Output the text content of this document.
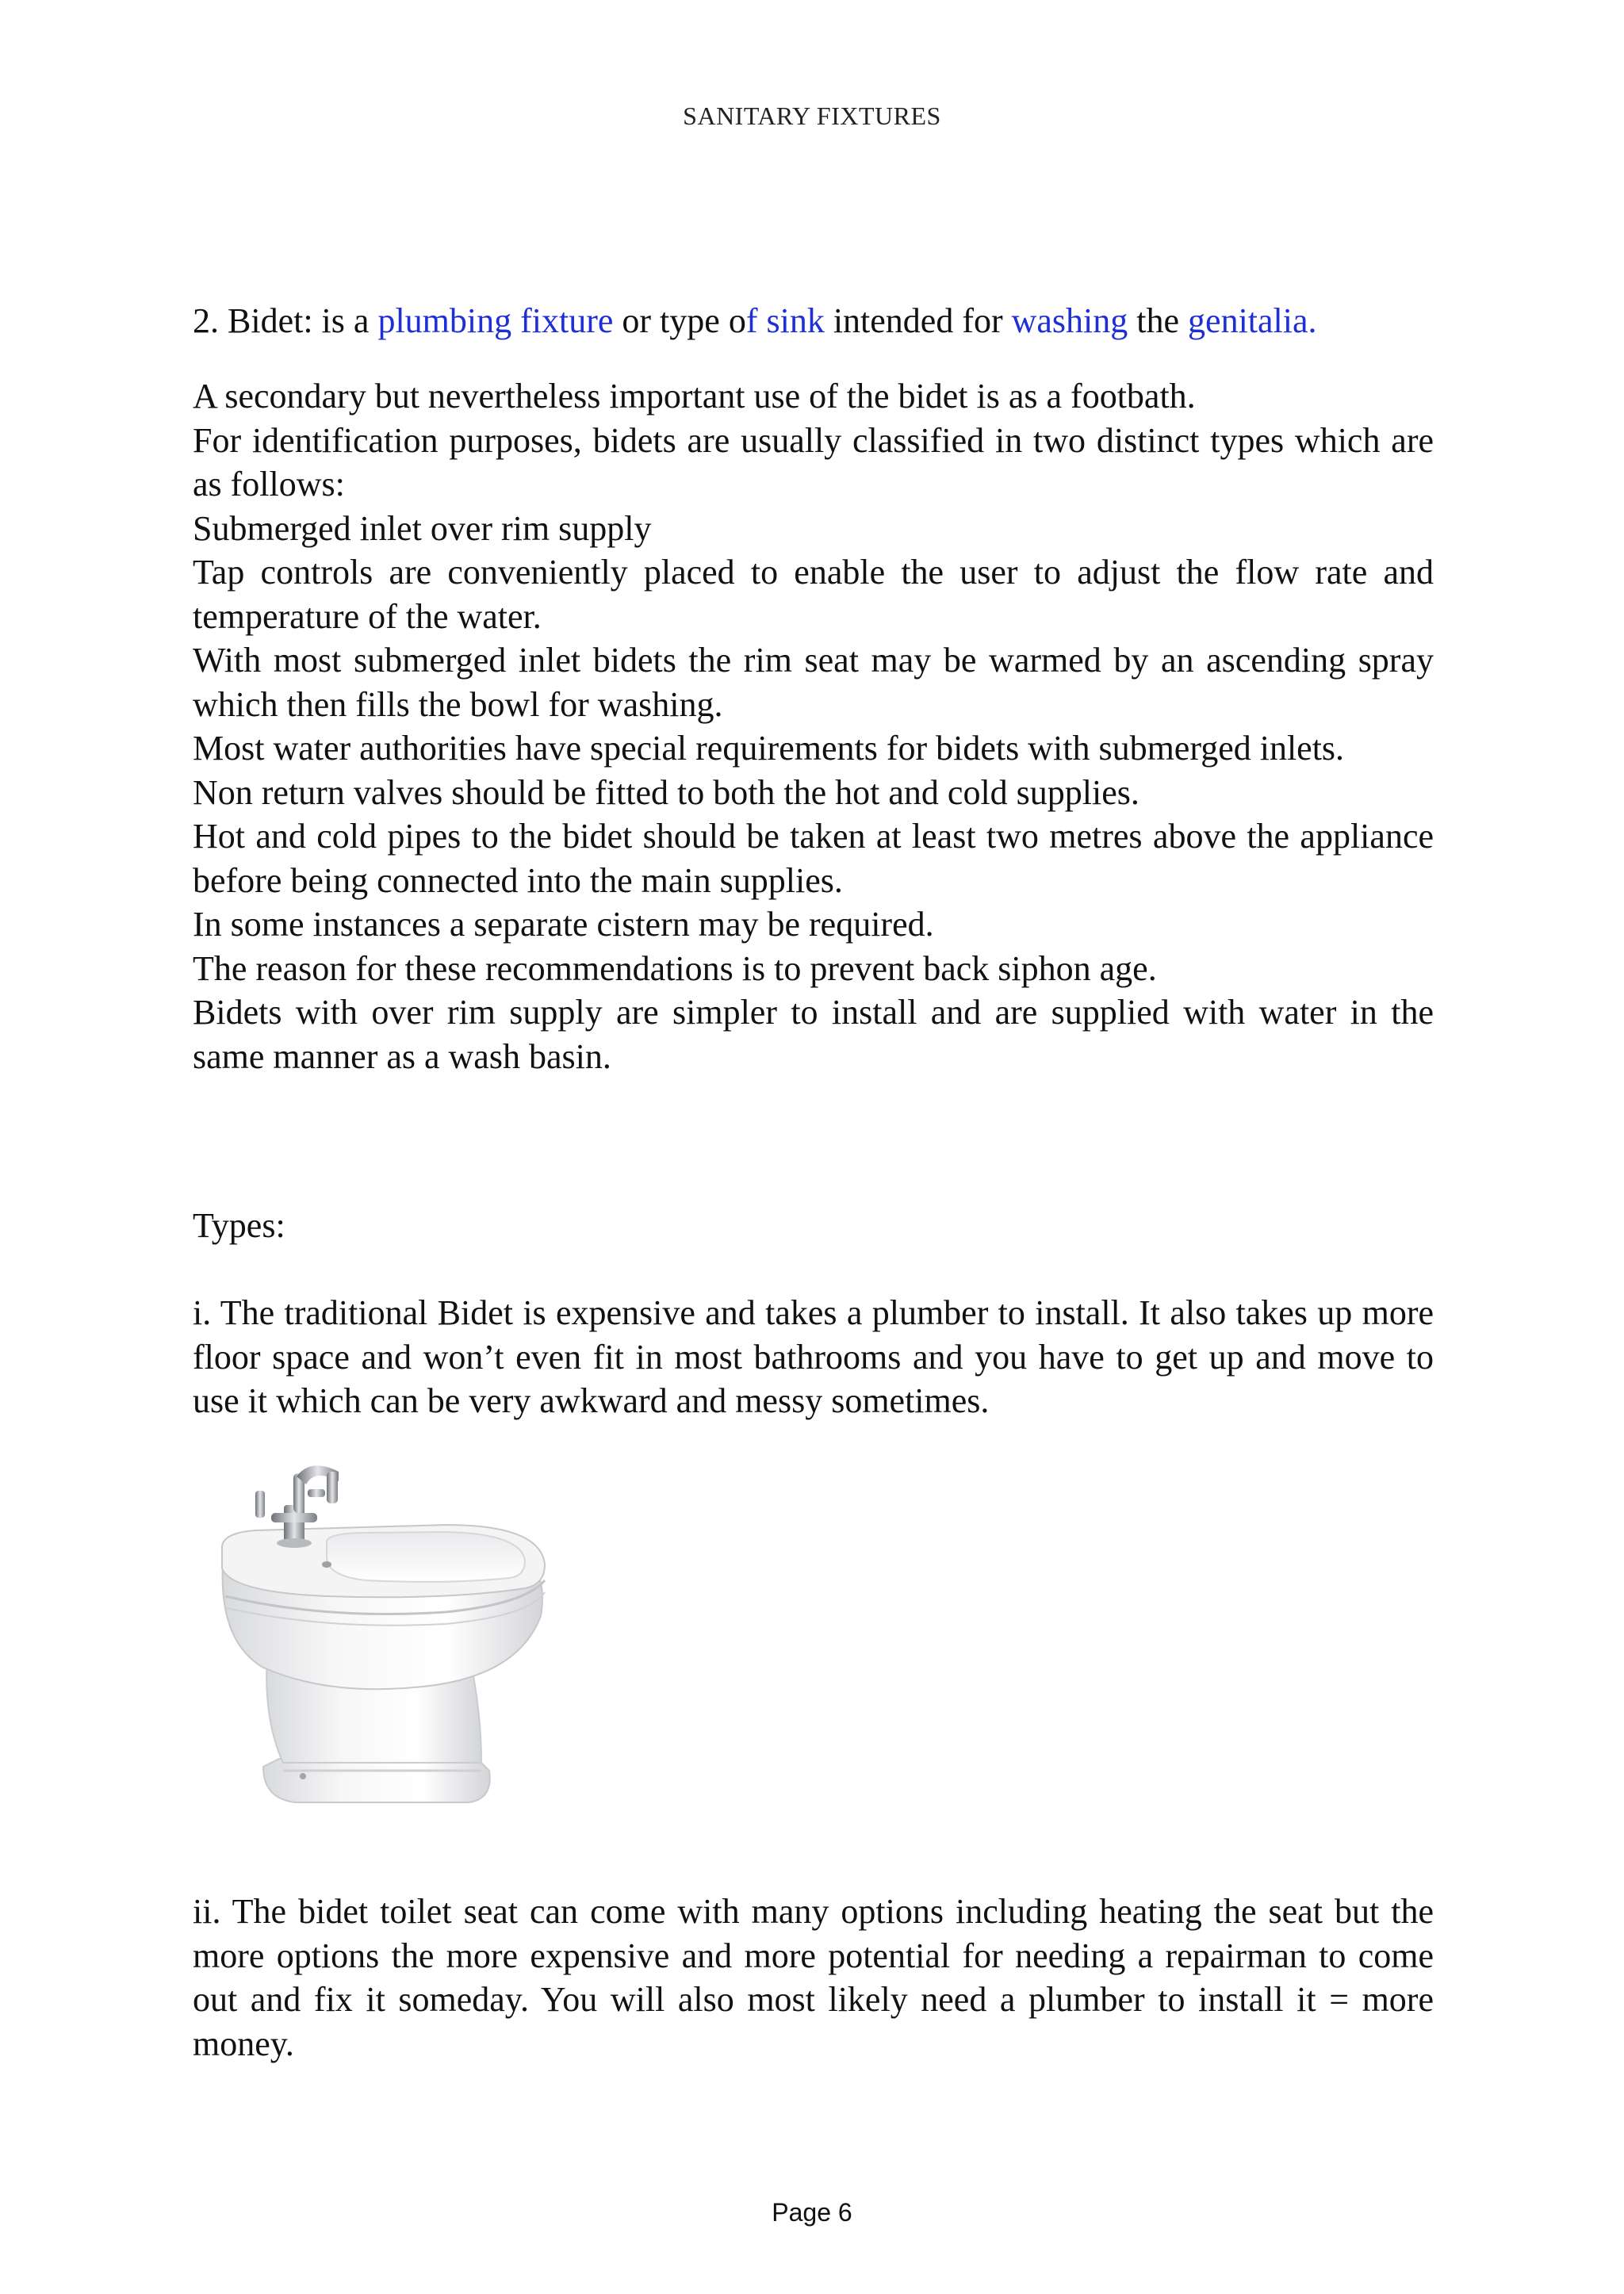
SANITARY FIXTURES

2. Bidet: is a plumbing fixture or type of sink intended for washing the genitalia.

A secondary but nevertheless important use of the bidet is as a footbath.

For identification purposes, bidets are usually classified in two distinct types which are as follows:

Submerged inlet over rim supply

Tap controls are conveniently placed to enable the user to adjust the flow rate and temperature of the water.

With most submerged inlet bidets the rim seat may be warmed by an ascending spray which then fills the bowl for washing.

Most water authorities have special requirements for bidets with submerged inlets.

Non return valves should be fitted to both the hot and cold supplies.

Hot and cold pipes to the bidet should be taken at least two metres above the appliance before being connected into the main supplies.

In some instances a separate cistern may be required.

The reason for these recommendations is to prevent back siphon age.

Bidets with over rim supply are simpler to install and are supplied with water in the same manner as a wash basin.

Types:

i. The traditional Bidet is expensive and takes a plumber to install. It also takes up more floor space and won’t even fit in most bathrooms and you have to get up and move to use it which can be very awkward and messy sometimes.

ii. The bidet toilet seat can come with many options including heating the seat but the more options the more expensive and more potential for needing a repairman to come out and fix it someday. You will also most likely need a plumber to install it = more money.

Page 6
